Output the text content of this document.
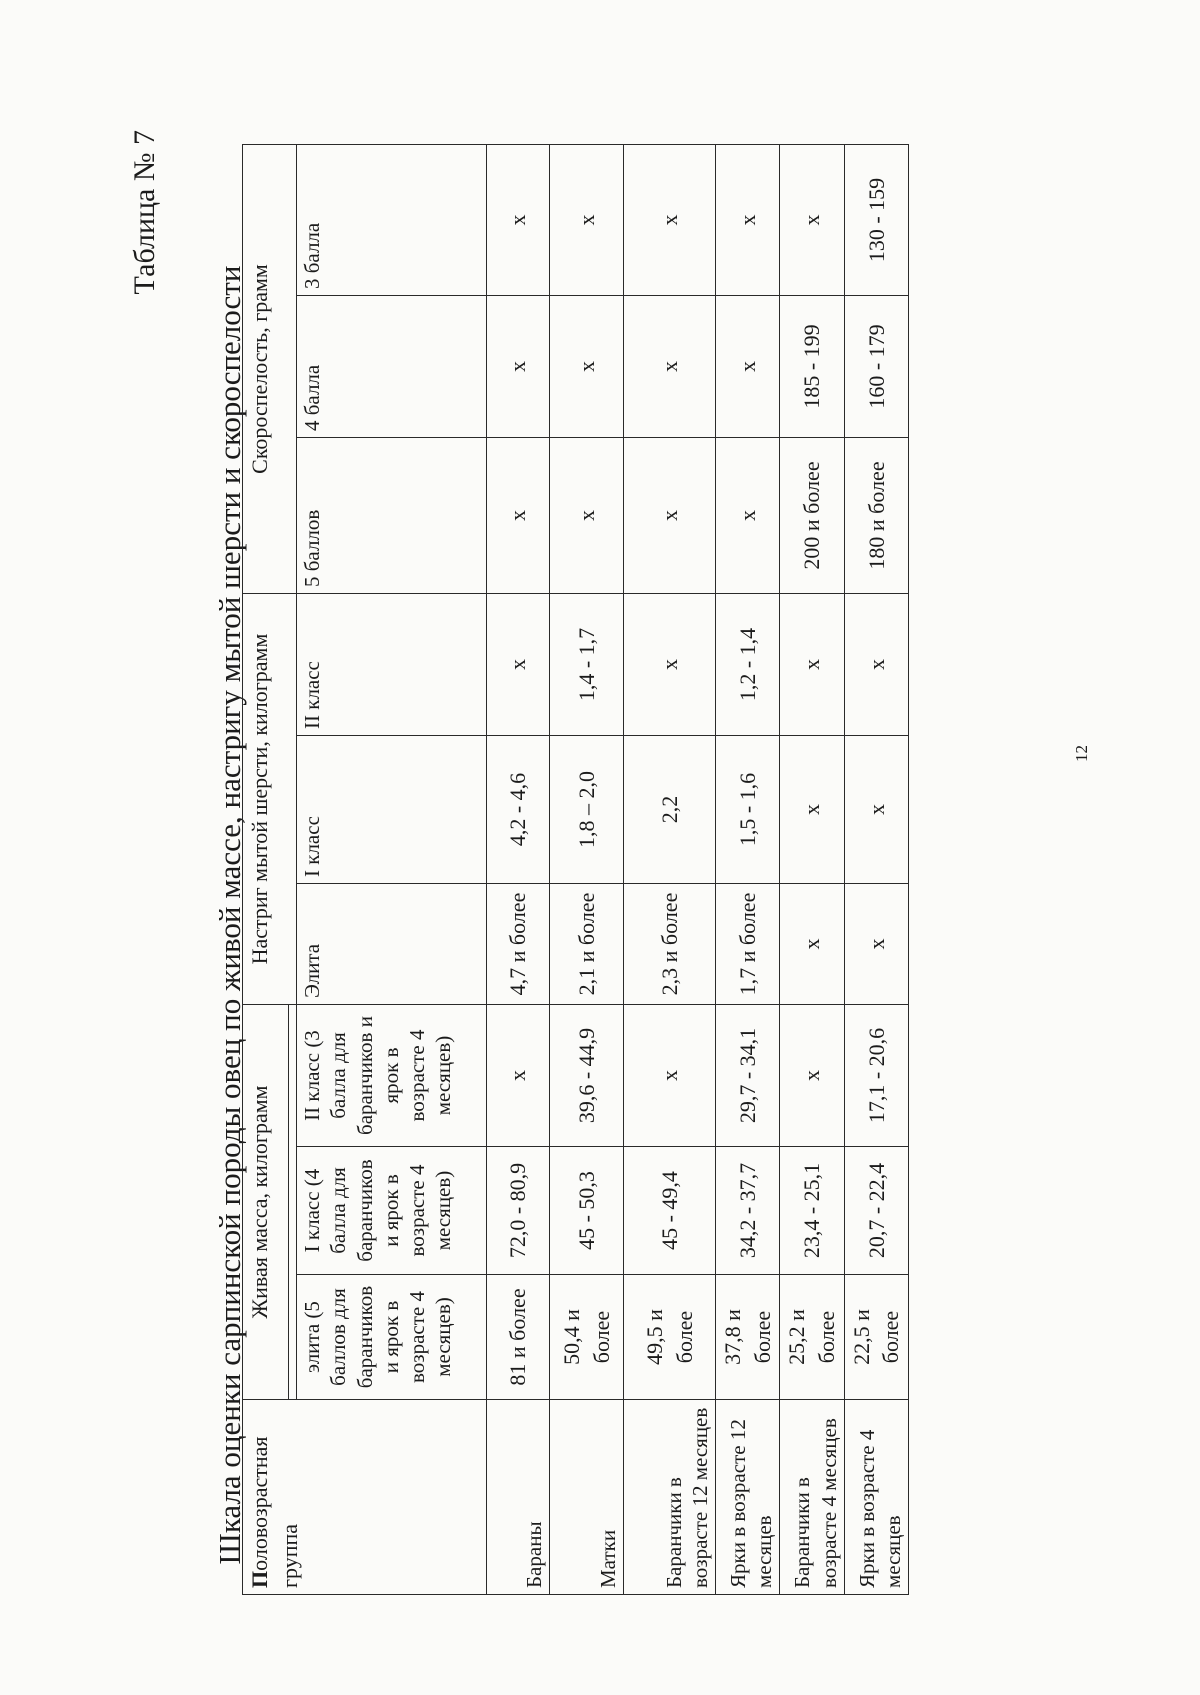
Таблица № 7
Шкала оценки сарпинской породы овец по живой массе, настригу мытой шерсти и скороспелости
Половозрастная группа	Живая масса, килограмм			Настриг мытой шерсти, килограмм			Скороспелость, грамм		

	элита (5 баллов для баранчиков и ярок в возрасте 4 месяцев)	I класс (4 балла для баранчиков и ярок в возрасте 4 месяцев)	II класс (3 балла для баранчиков и ярок в возрасте 4 месяцев)	Элита	I класс	II класс	5 баллов	4 балла	3 балла
Бараны	81 и более	72,0 - 80,9	х	4,7 и более	4,2 - 4,6	х	х	х	х
Матки	50,4 и более	45 - 50,3	39,6 - 44,9	2,1 и более	1,8 – 2,0	1,4 - 1,7	х	х	х
Баранчики в возрасте 12 месяцев	49,5 и более	45 - 49,4	х	2,3 и более	2,2	х	х	х	х
Ярки в возрасте 12 месяцев	37,8 и более	34,2 - 37,7	29,7 - 34,1	1,7 и более	1,5 - 1,6	1,2 - 1,4	х	х	х
Баранчики в возрасте 4 месяцев	25,2 и более	23,4 - 25,1	х	х	х	х	200 и более	185 - 199	х
Ярки в возрасте 4 месяцев	22,5 и более	20,7 - 22,4	17,1 - 20,6	х	х	х	180 и более	160 - 179	130 - 159
12
